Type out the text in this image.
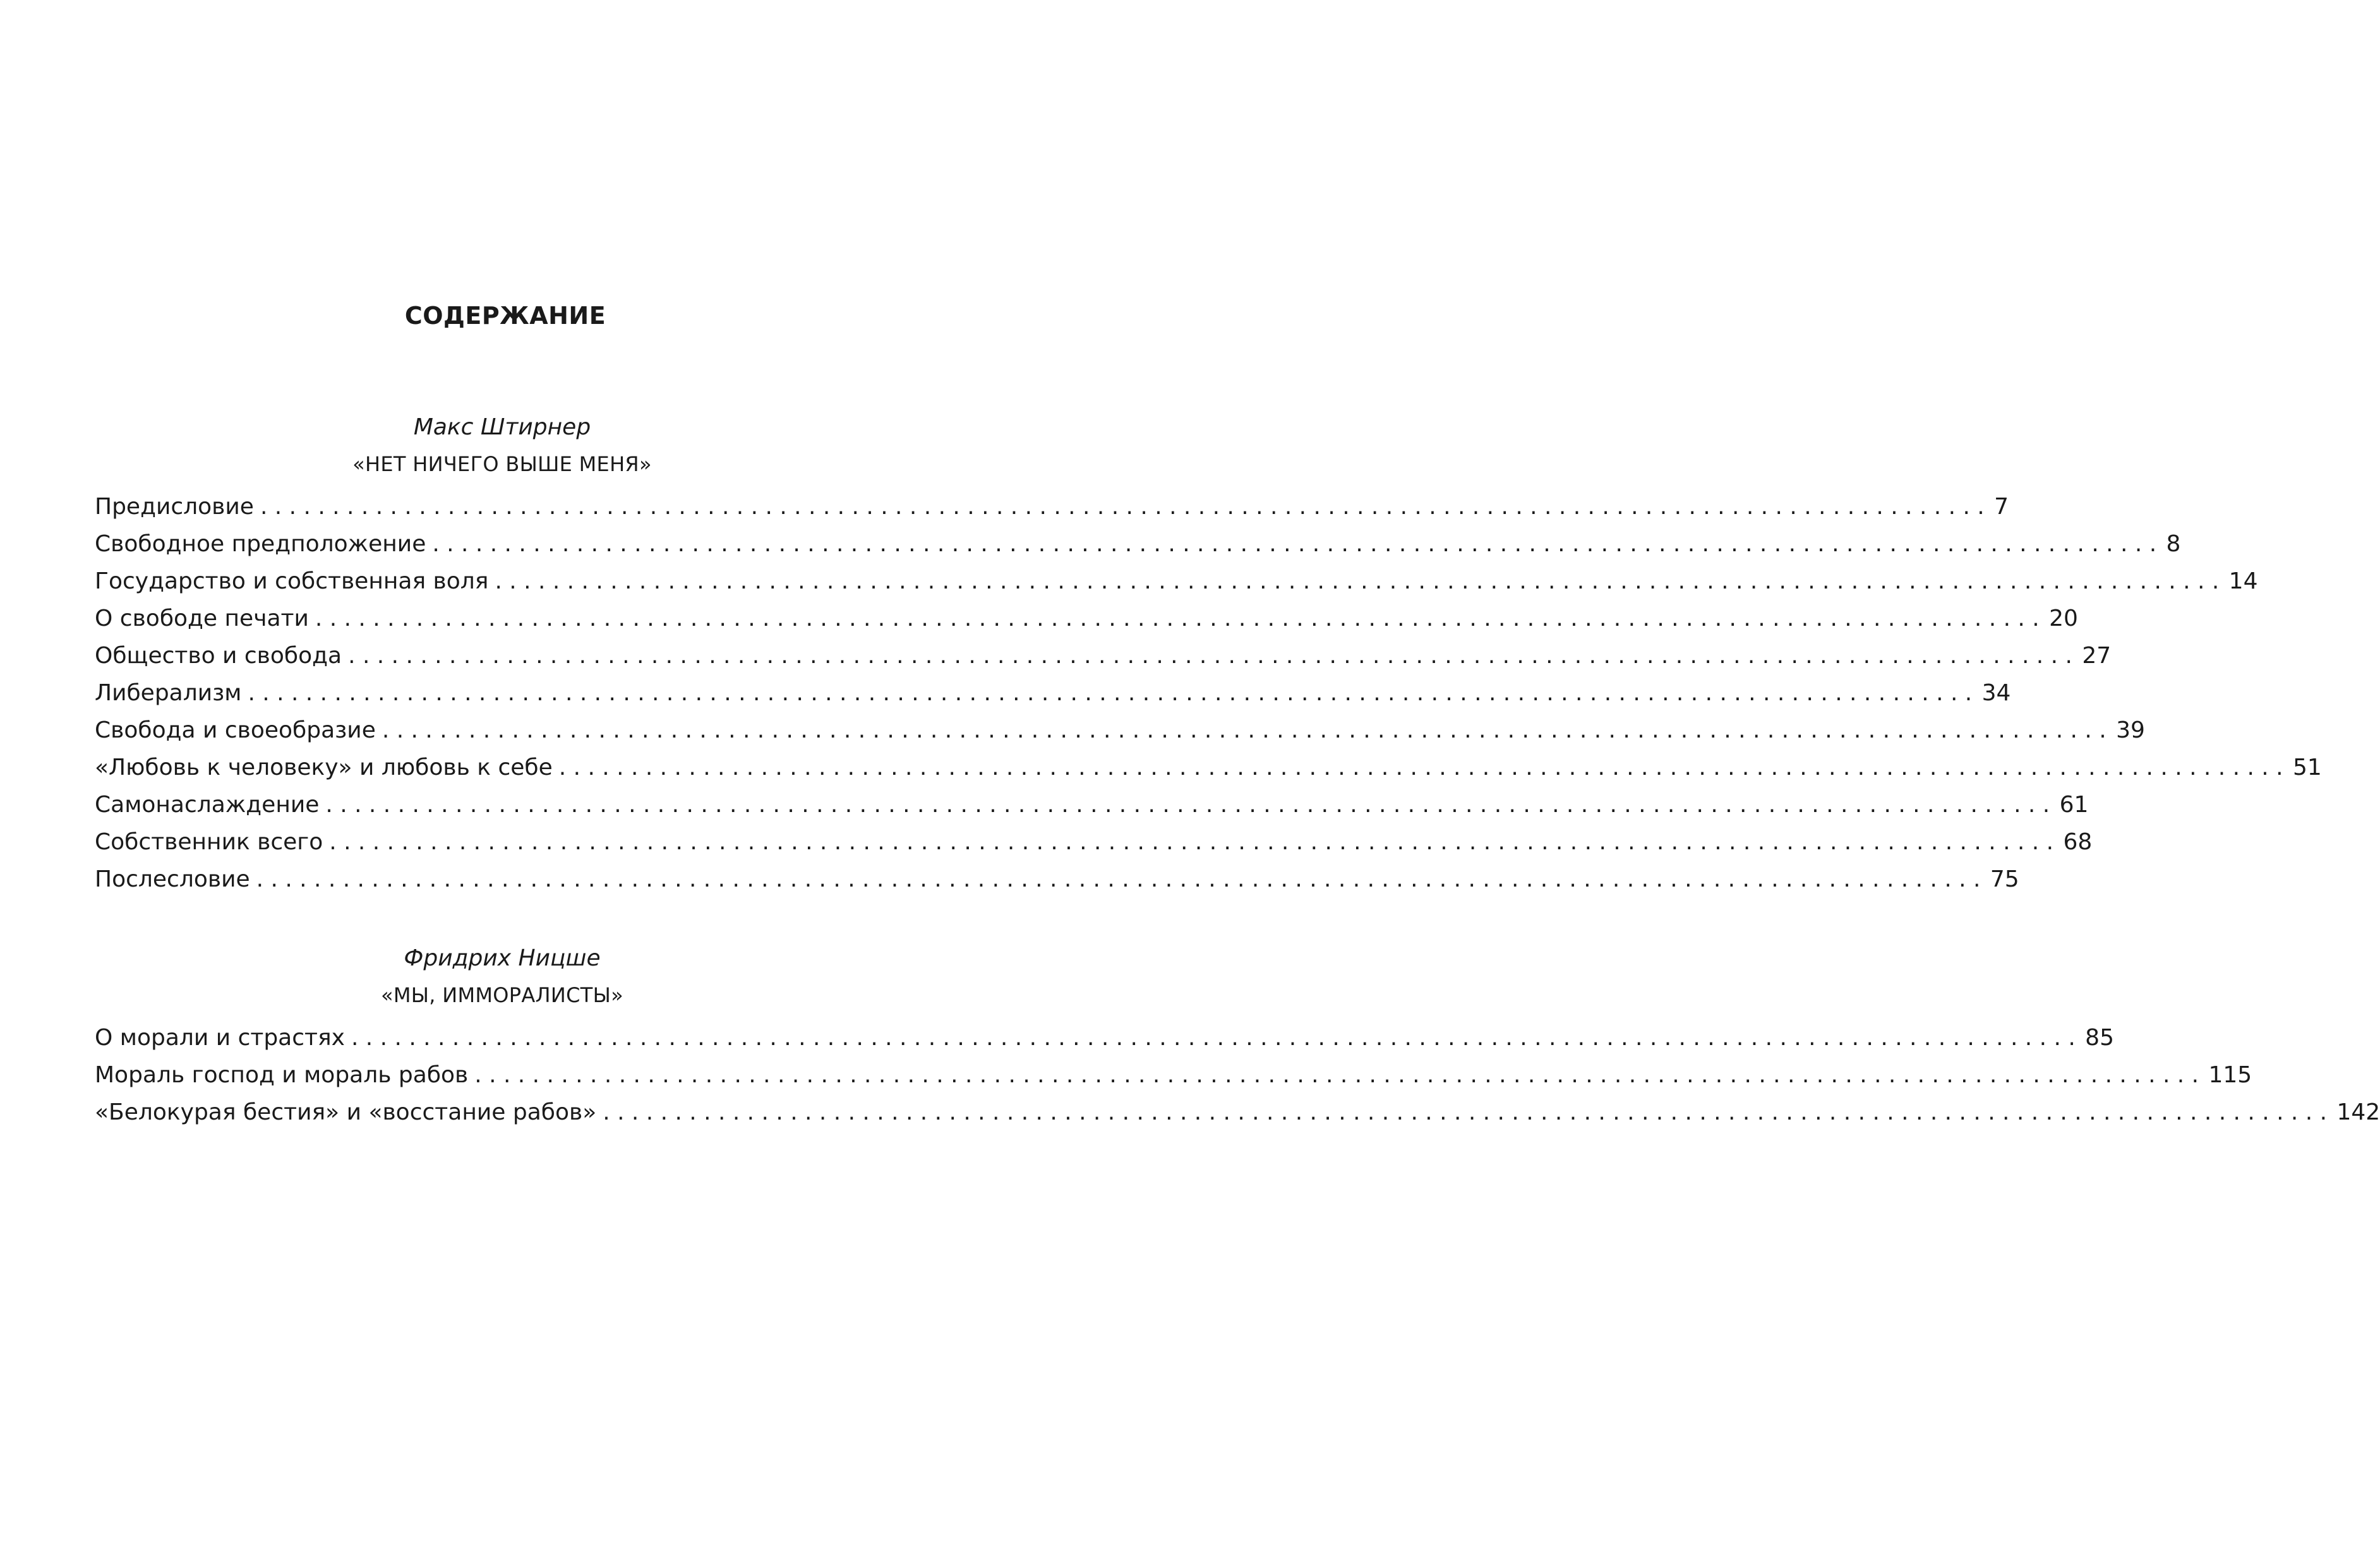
СОДЕРЖАНИЕ
Макс Штирнер
«НЕТ НИЧЕГО ВЫШЕ МЕНЯ»
Предисловие ........................................................................................................................ 7
Свободное предположение ........................................................................................................................ 8
Государство и собственная воля ........................................................................................................................ 14
О свободе печати ........................................................................................................................ 20
Общество и свобода ........................................................................................................................ 27
Либерализм ........................................................................................................................ 34
Свобода и своеобразие ........................................................................................................................ 39
«Любовь к человеку» и любовь к себе ........................................................................................................................ 51
Самонаслаждение ........................................................................................................................ 61
Собственник всего ........................................................................................................................ 68
Послесловие ........................................................................................................................ 75
Фридрих Ницше
«МЫ, ИММОРАЛИСТЫ»
О морали и страстях ........................................................................................................................ 85
Мораль господ и мораль рабов ........................................................................................................................ 115
«Белокурая бестия» и «восстание рабов» ........................................................................................................................ 142
